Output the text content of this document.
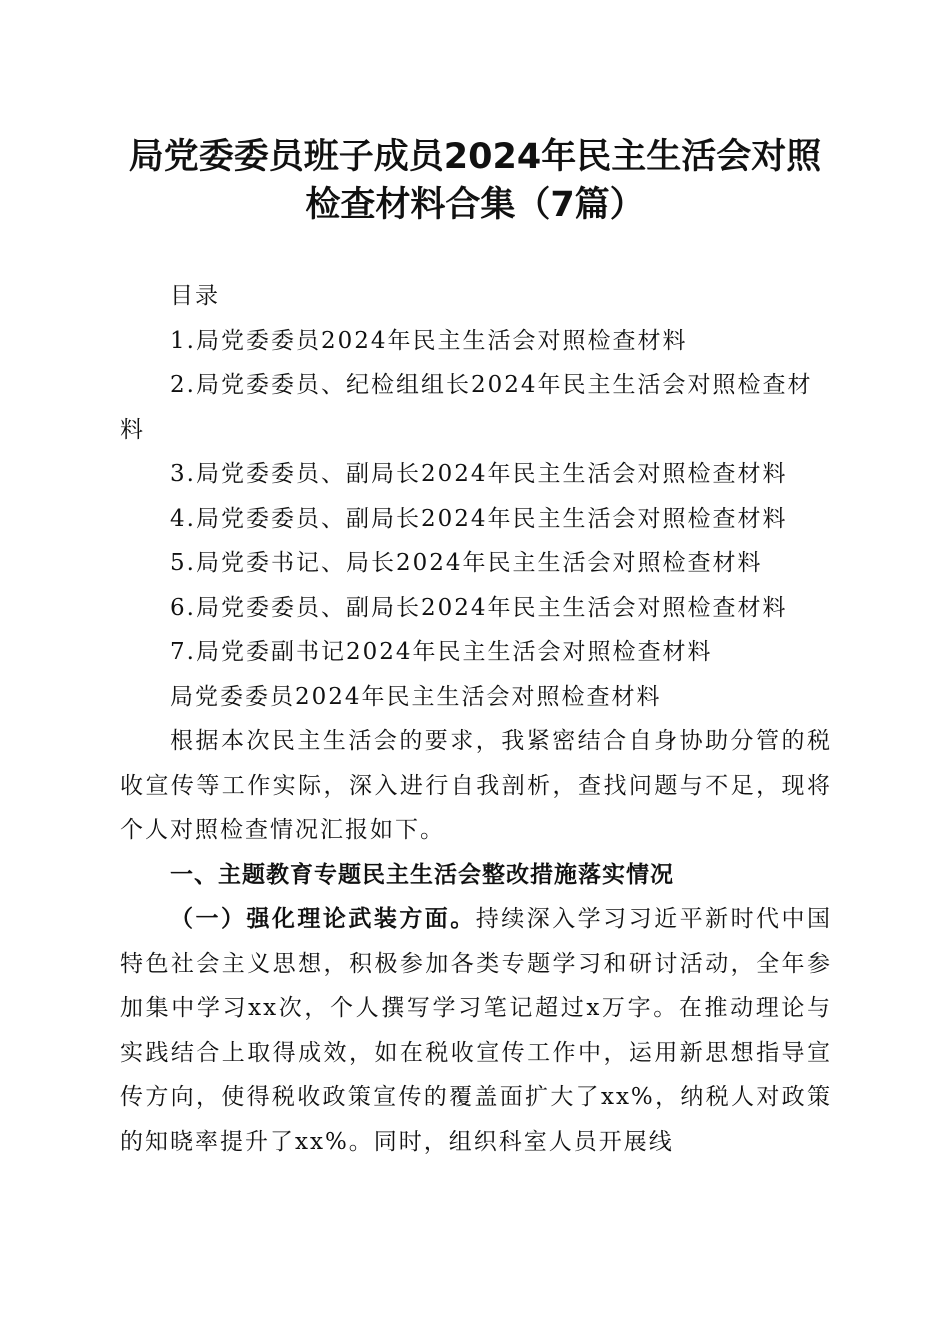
局党委委员班子成员2024年民主生活会对照
检查材料合集（7篇）

目录

1.局党委委员2024年民主生活会对照检查材料

2.局党委委员、纪检组组长2024年民主生活会对照检查材料

3.局党委委员、副局长2024年民主生活会对照检查材料

4.局党委委员、副局长2024年民主生活会对照检查材料

5.局党委书记、局长2024年民主生活会对照检查材料

6.局党委委员、副局长2024年民主生活会对照检查材料

7.局党委副书记2024年民主生活会对照检查材料

局党委委员2024年民主生活会对照检查材料

根据本次民主生活会的要求，我紧密结合自身协助分管的税收宣传等工作实际，深入进行自我剖析，查找问题与不足，现将个人对照检查情况汇报如下。

一、主题教育专题民主生活会整改措施落实情况

（一）强化理论武装方面。持续深入学习习近平新时代中国特色社会主义思想，积极参加各类专题学习和研讨活动，全年参加集中学习xx次，个人撰写学习笔记超过x万字。在推动理论与实践结合上取得成效，如在税收宣传工作中，运用新思想指导宣传方向，使得税收政策宣传的覆盖面扩大了xx%，纳税人对政策的知晓率提升了xx%。同时，组织科室人员开展线
